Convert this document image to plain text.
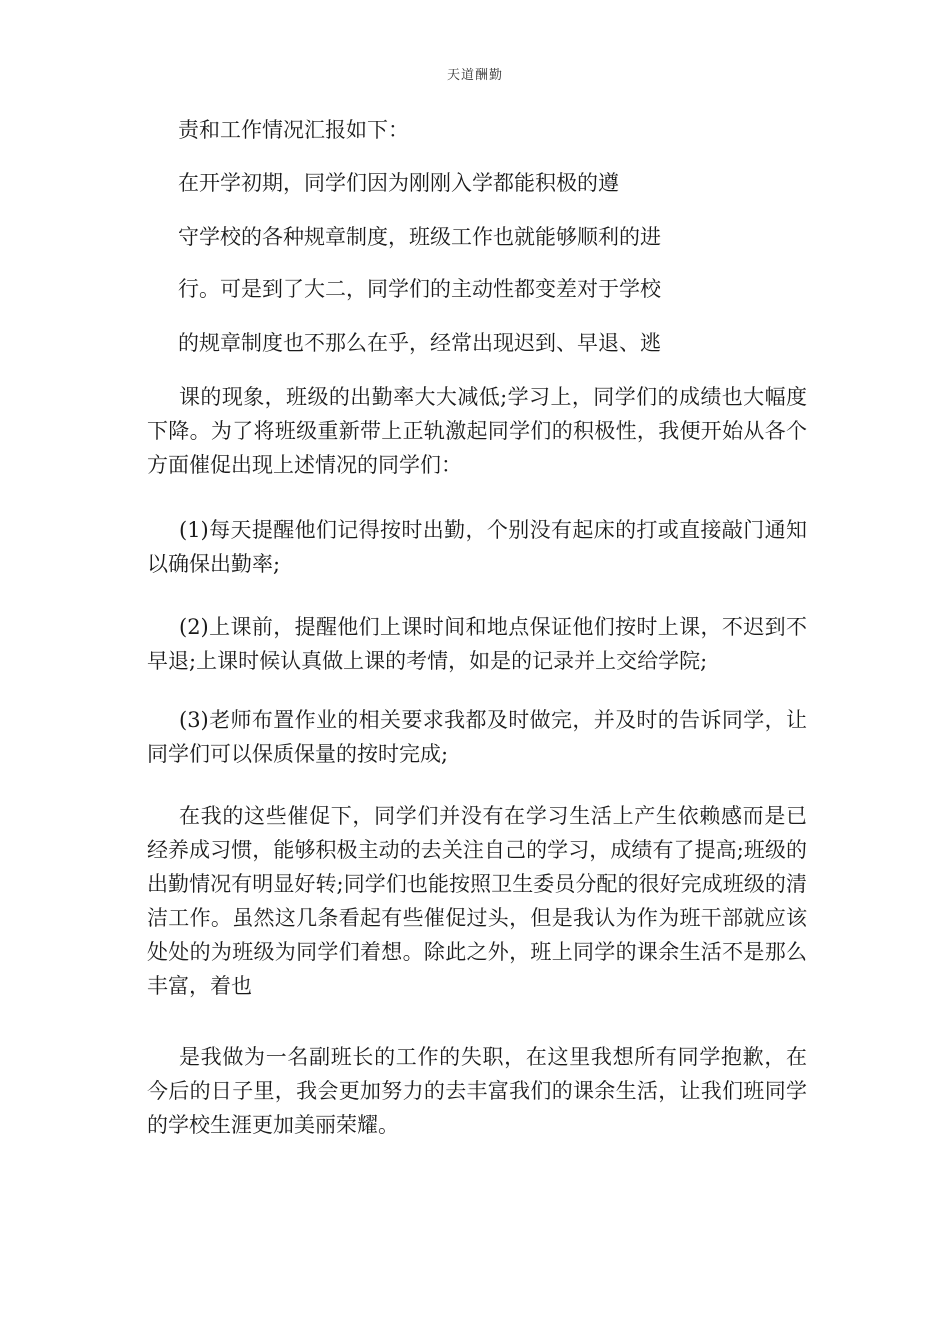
天道酬勤
责和工作情况汇报如下：
在开学初期，同学们因为刚刚入学都能积极的遵
守学校的各种规章制度，班级工作也就能够顺利的进
行。可是到了大二，同学们的主动性都变差对于学校
的规章制度也不那么在乎，经常出现迟到、早退、逃

课的现象，班级的出勤率大大减低;学习上，同学们的成绩也大幅度下降。为了将班级重新带上正轨激起同学们的积极性，我便开始从各个方面催促出现上述情况的同学们：

(1)每天提醒他们记得按时出勤，个别没有起床的打或直接敲门通知以确保出勤率;

(2)上课前，提醒他们上课时间和地点保证他们按时上课，不迟到不早退;上课时候认真做上课的考情，如是的记录并上交给学院;

(3)老师布置作业的相关要求我都及时做完，并及时的告诉同学，让同学们可以保质保量的按时完成;

在我的这些催促下，同学们并没有在学习生活上产生依赖感而是已经养成习惯，能够积极主动的去关注自己的学习，成绩有了提高;班级的出勤情况有明显好转;同学们也能按照卫生委员分配的很好完成班级的清洁工作。虽然这几条看起有些催促过头，但是我认为作为班干部就应该处处的为班级为同学们着想。除此之外，班上同学的课余生活不是那么丰富，着也

是我做为一名副班长的工作的失职，在这里我想所有同学抱歉，在今后的日子里，我会更加努力的去丰富我们的课余生活，让我们班同学的学校生涯更加美丽荣耀。
